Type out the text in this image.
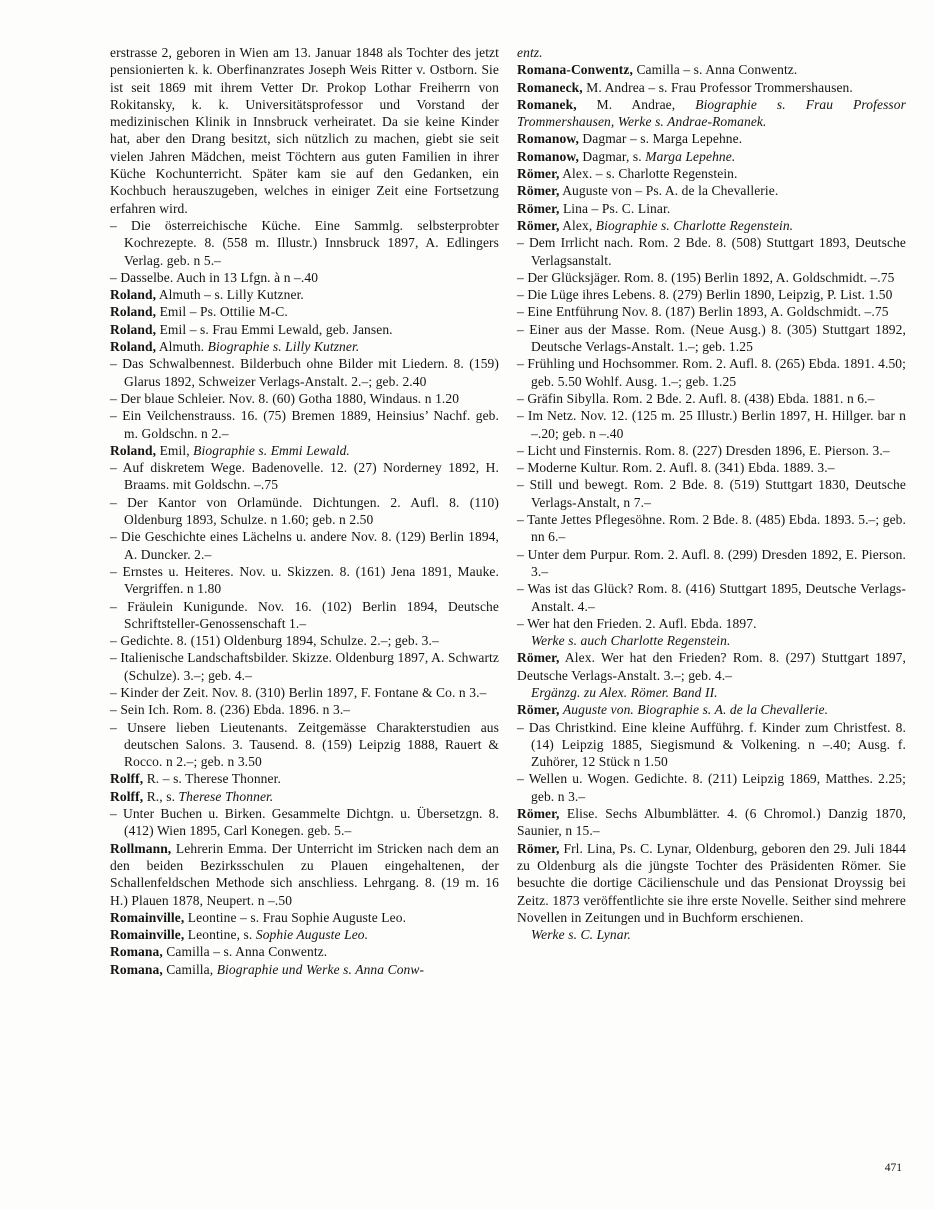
erstrasse 2, geboren in Wien am 13. Januar 1848 als Tochter des jetzt pensionierten k. k. Oberfinanzrates Joseph Weis Ritter v. Ostborn. Sie ist seit 1869 mit ihrem Vetter Dr. Prokop Lothar Freiherrn von Rokitansky, k. k. Universitätsprofessor und Vorstand der medizinischen Klinik in Innsbruck verheiratet. Da sie keine Kinder hat, aber den Drang besitzt, sich nützlich zu machen, giebt sie seit vielen Jahren Mädchen, meist Töchtern aus guten Familien in ihrer Küche Kochunterricht. Später kam sie auf den Gedanken, ein Kochbuch herauszugeben, welches in einiger Zeit eine Fortsetzung erfahren wird.

– Die österreichische Küche. Eine Sammlg. selbsterprobter Kochrezepte. 8. (558 m. Illustr.) Innsbruck 1897, A. Edlingers Verlag. geb. n 5.–

– Dasselbe. Auch in 13 Lfgn. à n –.40

Roland, Almuth – s. Lilly Kutzner.

Roland, Emil – Ps. Ottilie M-C.

Roland, Emil – s. Frau Emmi Lewald, geb. Jansen.

Roland, Almuth. Biographie s. Lilly Kutzner.

– Das Schwalbennest. Bilderbuch ohne Bilder mit Liedern. 8. (159) Glarus 1892, Schweizer Verlags-Anstalt. 2.–; geb. 2.40

– Der blaue Schleier. Nov. 8. (60) Gotha 1880, Windaus. n 1.20

– Ein Veilchenstrauss. 16. (75) Bremen 1889, Heinsius’ Nachf. geb. m. Goldschn. n 2.–

Roland, Emil, Biographie s. Emmi Lewald.

– Auf diskretem Wege. Badenovelle. 12. (27) Norderney 1892, H. Braams. mit Goldschn. –.75

– Der Kantor von Orlamünde. Dichtungen. 2. Aufl. 8. (110) Oldenburg 1893, Schulze. n 1.60; geb. n 2.50

– Die Geschichte eines Lächelns u. andere Nov. 8. (129) Berlin 1894, A. Duncker. 2.–

– Ernstes u. Heiteres. Nov. u. Skizzen. 8. (161) Jena 1891, Mauke. Vergriffen. n 1.80

– Fräulein Kunigunde. Nov. 16. (102) Berlin 1894, Deutsche Schriftsteller-Genossenschaft 1.–

– Gedichte. 8. (151) Oldenburg 1894, Schulze. 2.–; geb. 3.–

– Italienische Landschaftsbilder. Skizze. Oldenburg 1897, A. Schwartz (Schulze). 3.–; geb. 4.–

– Kinder der Zeit. Nov. 8. (310) Berlin 1897, F. Fontane & Co. n 3.–

– Sein Ich. Rom. 8. (236) Ebda. 1896. n 3.–

– Unsere lieben Lieutenants. Zeitgemässe Charakterstudien aus deutschen Salons. 3. Tausend. 8. (159) Leipzig 1888, Rauert & Rocco. n 2.–; geb. n 3.50

Rolff, R. – s. Therese Thonner.

Rolff, R., s. Therese Thonner.

– Unter Buchen u. Birken. Gesammelte Dichtgn. u. Übersetzgn. 8. (412) Wien 1895, Carl Konegen. geb. 5.–

Rollmann, Lehrerin Emma. Der Unterricht im Stricken nach dem an den beiden Bezirksschulen zu Plauen eingehaltenen, der Schallenfeldschen Methode sich anschliess. Lehrgang. 8. (19 m. 16 H.) Plauen 1878, Neupert. n –.50

Romainville, Leontine – s. Frau Sophie Auguste Leo.

Romainville, Leontine, s. Sophie Auguste Leo.

Romana, Camilla – s. Anna Conwentz.

Romana, Camilla, Biographie und Werke s. Anna Conw-

entz.

Romana-Conwentz, Camilla – s. Anna Conwentz.

Romaneck, M. Andrea – s. Frau Professor Trommershausen.

Romanek, M. Andrae, Biographie s. Frau Professor Trommershausen, Werke s. Andrae-Romanek.

Romanow, Dagmar – s. Marga Lepehne.

Romanow, Dagmar, s. Marga Lepehne.

Römer, Alex. – s. Charlotte Regenstein.

Römer, Auguste von – Ps. A. de la Chevallerie.

Römer, Lina – Ps. C. Linar.

Römer, Alex, Biographie s. Charlotte Regenstein.

– Dem Irrlicht nach. Rom. 2 Bde. 8. (508) Stuttgart 1893, Deutsche Verlagsanstalt.

– Der Glücksjäger. Rom. 8. (195) Berlin 1892, A. Goldschmidt. –.75

– Die Lüge ihres Lebens. 8. (279) Berlin 1890, Leipzig, P. List. 1.50

– Eine Entführung Nov. 8. (187) Berlin 1893, A. Goldschmidt. –.75

– Einer aus der Masse. Rom. (Neue Ausg.) 8. (305) Stuttgart 1892, Deutsche Verlags-Anstalt. 1.–; geb. 1.25

– Frühling und Hochsommer. Rom. 2. Aufl. 8. (265) Ebda. 1891. 4.50; geb. 5.50 Wohlf. Ausg. 1.–; geb. 1.25

– Gräfin Sibylla. Rom. 2 Bde. 2. Aufl. 8. (438) Ebda. 1881. n 6.–

– Im Netz. Nov. 12. (125 m. 25 Illustr.) Berlin 1897, H. Hillger. bar n –.20; geb. n –.40

– Licht und Finsternis. Rom. 8. (227) Dresden 1896, E. Pierson. 3.–

– Moderne Kultur. Rom. 2. Aufl. 8. (341) Ebda. 1889. 3.–

– Still und bewegt. Rom. 2 Bde. 8. (519) Stuttgart 1830, Deutsche Verlags-Anstalt, n 7.–

– Tante Jettes Pflegesöhne. Rom. 2 Bde. 8. (485) Ebda. 1893. 5.–; geb. nn 6.–

– Unter dem Purpur. Rom. 2. Aufl. 8. (299) Dresden 1892, E. Pierson. 3.–

– Was ist das Glück? Rom. 8. (416) Stuttgart 1895, Deutsche Verlags-Anstalt. 4.–

– Wer hat den Frieden. 2. Aufl. Ebda. 1897.

Werke s. auch Charlotte Regenstein.

Römer, Alex. Wer hat den Frieden? Rom. 8. (297) Stuttgart 1897, Deutsche Verlags-Anstalt. 3.–; geb. 4.–

Ergänzg. zu Alex. Römer. Band II.

Römer, Auguste von. Biographie s. A. de la Chevallerie.

– Das Christkind. Eine kleine Aufführg. f. Kinder zum Christfest. 8. (14) Leipzig 1885, Siegismund & Volkening. n –.40; Ausg. f. Zuhörer, 12 Stück n 1.50

– Wellen u. Wogen. Gedichte. 8. (211) Leipzig 1869, Matthes. 2.25; geb. n 3.–

Römer, Elise. Sechs Albumblätter. 4. (6 Chromol.) Danzig 1870, Saunier, n 15.–

Römer, Frl. Lina, Ps. C. Lynar, Oldenburg, geboren den 29. Juli 1844 zu Oldenburg als die jüngste Tochter des Präsidenten Römer. Sie besuchte die dortige Cäcilienschule und das Pensionat Droyssig bei Zeitz. 1873 veröffentlichte sie ihre erste Novelle. Seither sind mehrere Novellen in Zeitungen und in Buchform erschienen.

Werke s. C. Lynar.

471
